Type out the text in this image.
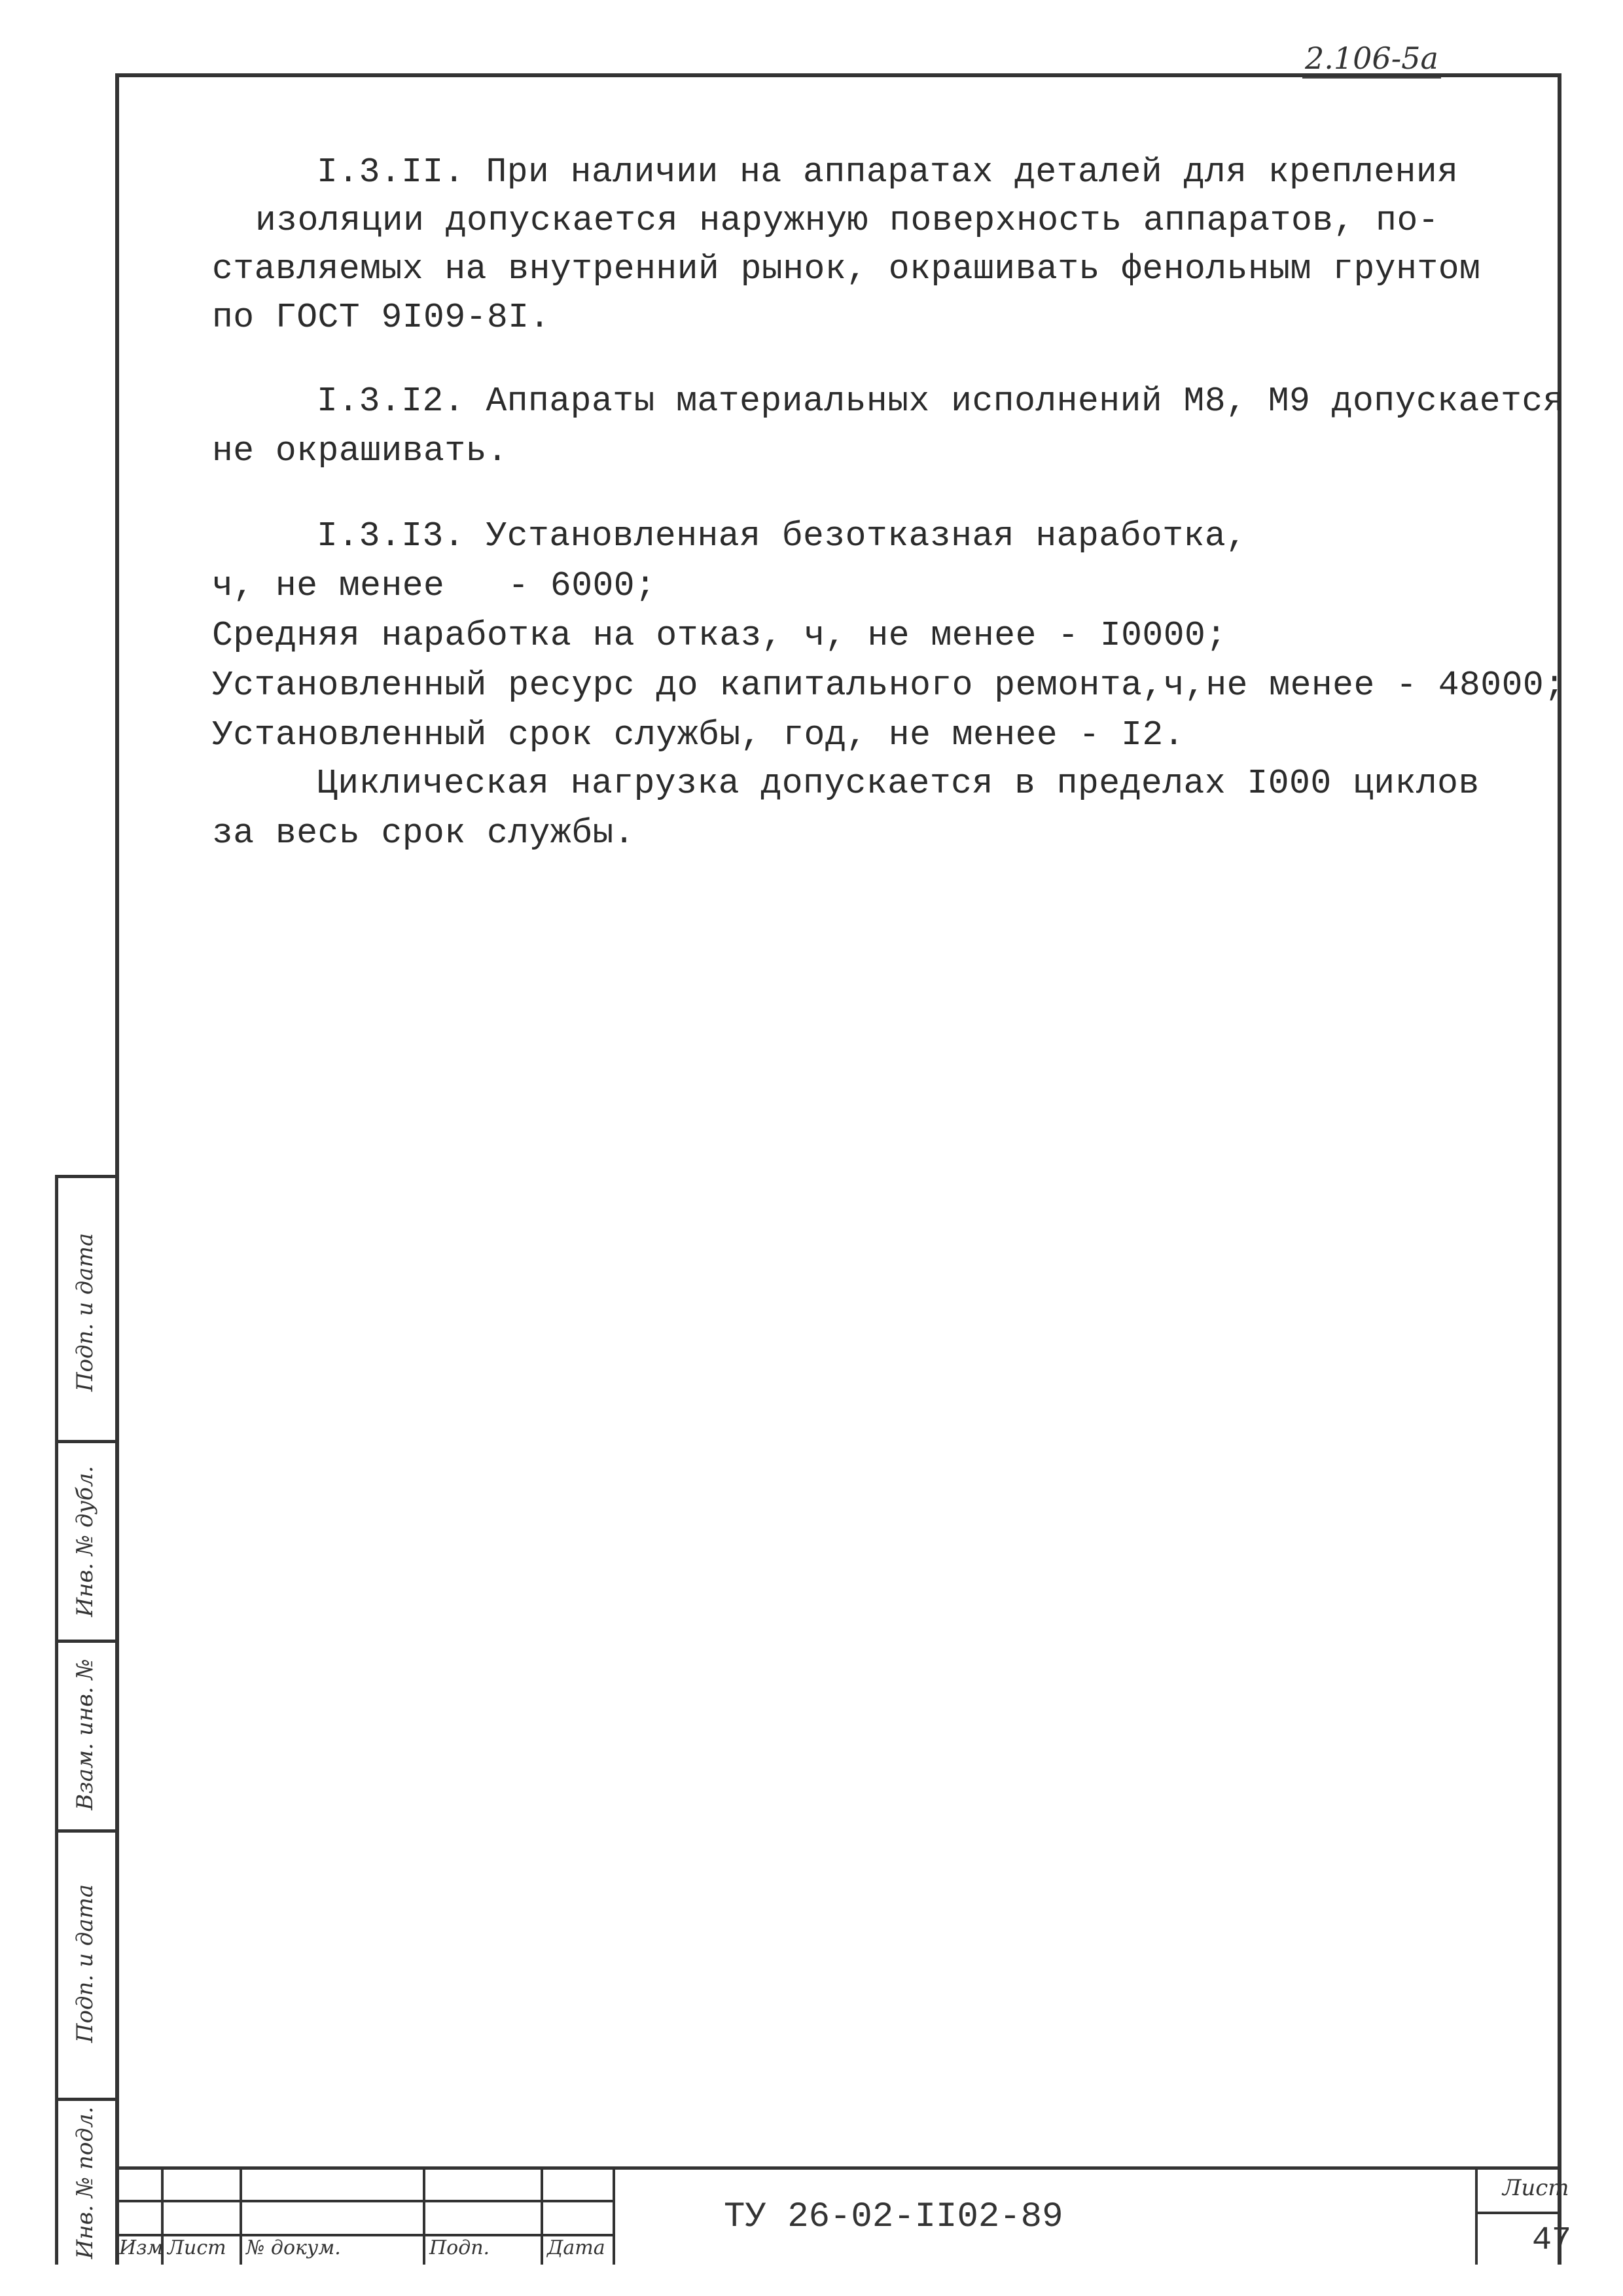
2.106-5а
I.3.II. При наличии на аппаратах деталей для крепления
изоляции допускается наружную поверхность аппаратов, по-
ставляемых на внутренний рынок, окрашивать фенольным грунтом
по ГОСТ 9I09-8I.
I.3.I2. Аппараты материальных исполнений М8, М9 допускается
не окрашивать.
I.3.I3. Установленная безотказная наработка,
ч, не менее   - 6000;
Средняя наработка на отказ, ч, не менее - I0000;
Установленный ресурс до капитального ремонта,ч,не менее - 48000;
Установленный срок службы, год, не менее - I2.
Циклическая нагрузка допускается в пределах I000 циклов
за весь срок службы.
Подп. и дата
Инв. № дубл.
Взам. инв. №
Подп. и дата
Инв. № подл. Изм Лист № докум.	Подп.	Дата
ТУ 26-02-II02-89
Лист
47
